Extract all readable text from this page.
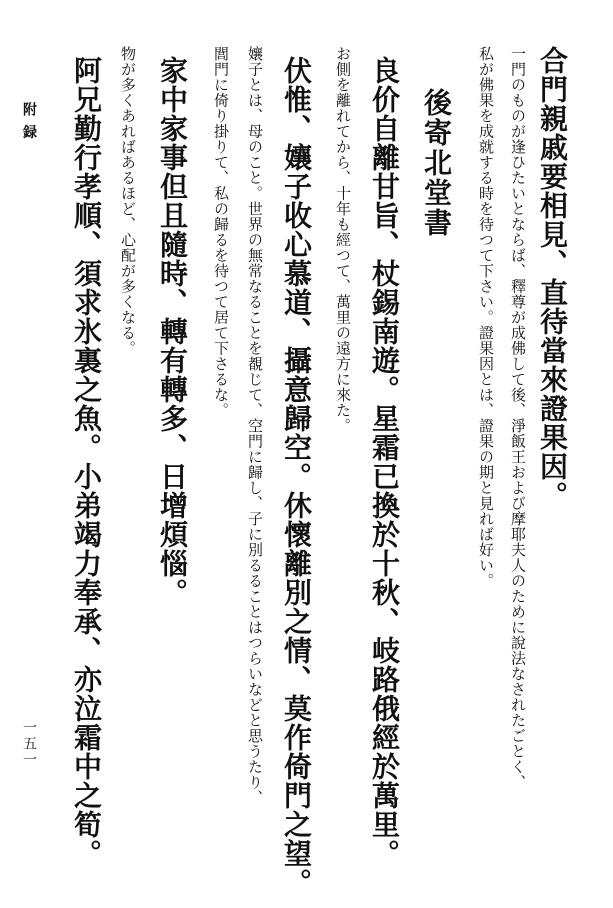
合門親戚要相見、直待當來證果因。
一門のものが逢ひたいとならば、釋尊が成佛して後、淨飯王および摩耶夫人のために說法なされたごとく、
私が佛果を成就する時を待つて下さい。證果因とは、證果の期と見れば好い。
後寄北堂書
良价自離甘旨、杖錫南遊。星霜已換於十秋、岐路俄經於萬里。
お側を離れてから、十年も經つて、萬里の遠方に來た。
伏惟、孃子收心慕道、攝意歸空。休懷離別之情、莫作倚門之望。
孃子とは、母のこと。世界の無常なることを覩じて、空門に歸し、子に別るることはつらいなどと思うたり、
閭門に倚り掛りて、私の歸るを待つて居て下さるな。
家中家事但且隨時、轉有轉多、日增煩惱。
物が多くあればあるほど、心配が多くなる。
阿兄勤行孝順、須求氷裏之魚。小弟竭力奉承、亦泣霜中之筍。
附 録
一五一
